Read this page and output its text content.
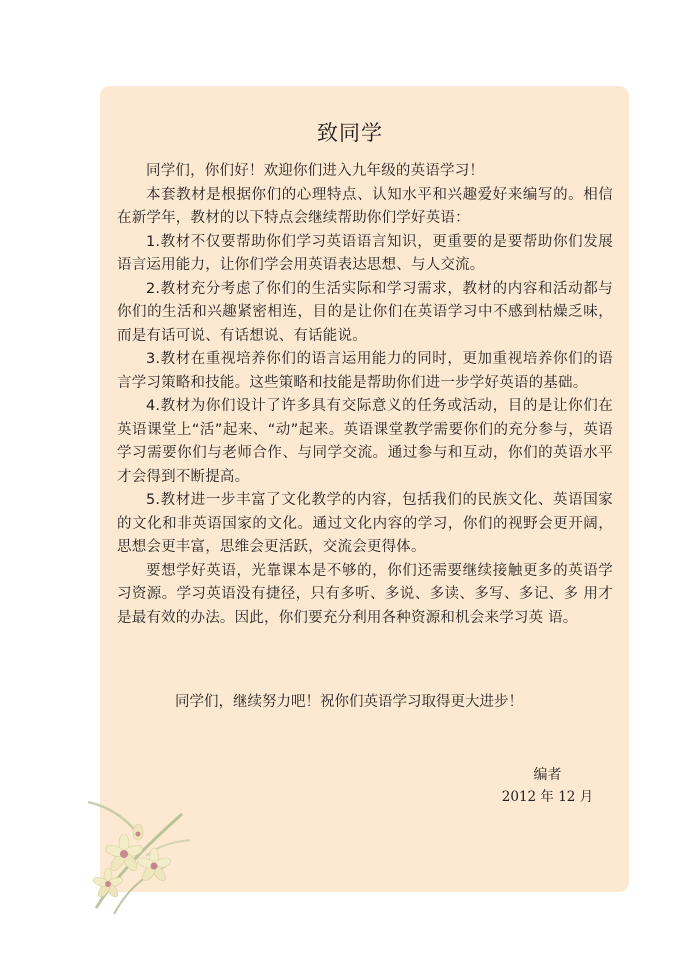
致同学

同学们，你们好！欢迎你们进入九年级的英语学习！

本套教材是根据你们的心理特点、认知水平和兴趣爱好来编写的。相信在新学年，教材的以下特点会继续帮助你们学好英语：

1.教材不仅要帮助你们学习英语语言知识，更重要的是要帮助你们发展语言运用能力，让你们学会用英语表达思想、与人交流。

2.教材充分考虑了你们的生活实际和学习需求，教材的内容和活动都与你们的生活和兴趣紧密相连，目的是让你们在英语学习中不感到枯燥乏味，而是有话可说、有话想说、有话能说。

3.教材在重视培养你们的语言运用能力的同时，更加重视培养你们的语言学习策略和技能。这些策略和技能是帮助你们进一步学好英语的基础。

4.教材为你们设计了许多具有交际意义的任务或活动，目的是让你们在英语课堂上“活”起来、“动”起来。英语课堂教学需要你们的充分参与，英语学习需要你们与老师合作、与同学交流。通过参与和互动，你们的英语水平才会得到不断提高。

5.教材进一步丰富了文化教学的内容，包括我们的民族文化、英语国家的文化和非英语国家的文化。通过文化内容的学习，你们的视野会更开阔，思想会更丰富，思维会更活跃，交流会更得体。

要想学好英语，光靠课本是不够的，你们还需要继续接触更多的英语学习资源。学习英语没有捷径，只有多听、多说、多读、多写、多记、多 用才是最有效的办法。因此，你们要充分利用各种资源和机会来学习英 语。

同学们，继续努力吧！祝你们英语学习取得更大进步！
编者
2012 年 12 月
